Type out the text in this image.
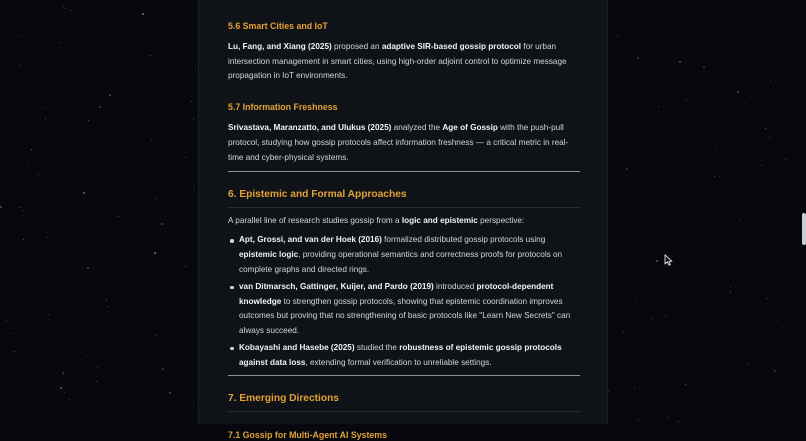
5.6 Smart Cities and IoT

Lu, Fang, and Xiang (2025) proposed an adaptive SIR-based gossip protocol for urban intersection management in smart cities, using high-order adjoint control to optimize message propagation in IoT environments.

5.7 Information Freshness

Srivastava, Maranzatto, and Ulukus (2025) analyzed the Age of Gossip with the push-pull protocol, studying how gossip protocols affect information freshness — a critical metric in real-time and cyber-physical systems.

6. Epistemic and Formal Approaches

A parallel line of research studies gossip from a logic and epistemic perspective:

Apt, Grossi, and van der Hoek (2016) formalized distributed gossip protocols using epistemic logic, providing operational semantics and correctness proofs for protocols on complete graphs and directed rings.
van Ditmarsch, Gattinger, Kuijer, and Pardo (2019) introduced protocol-dependent knowledge to strengthen gossip protocols, showing that epistemic coordination improves outcomes but proving that no strengthening of basic protocols like "Learn New Secrets" can always succeed.
Kobayashi and Hasebe (2025) studied the robustness of epistemic gossip protocols against data loss, extending formal verification to unreliable settings.
7. Emerging Directions
7.1 Gossip for Multi-Agent AI Systems
